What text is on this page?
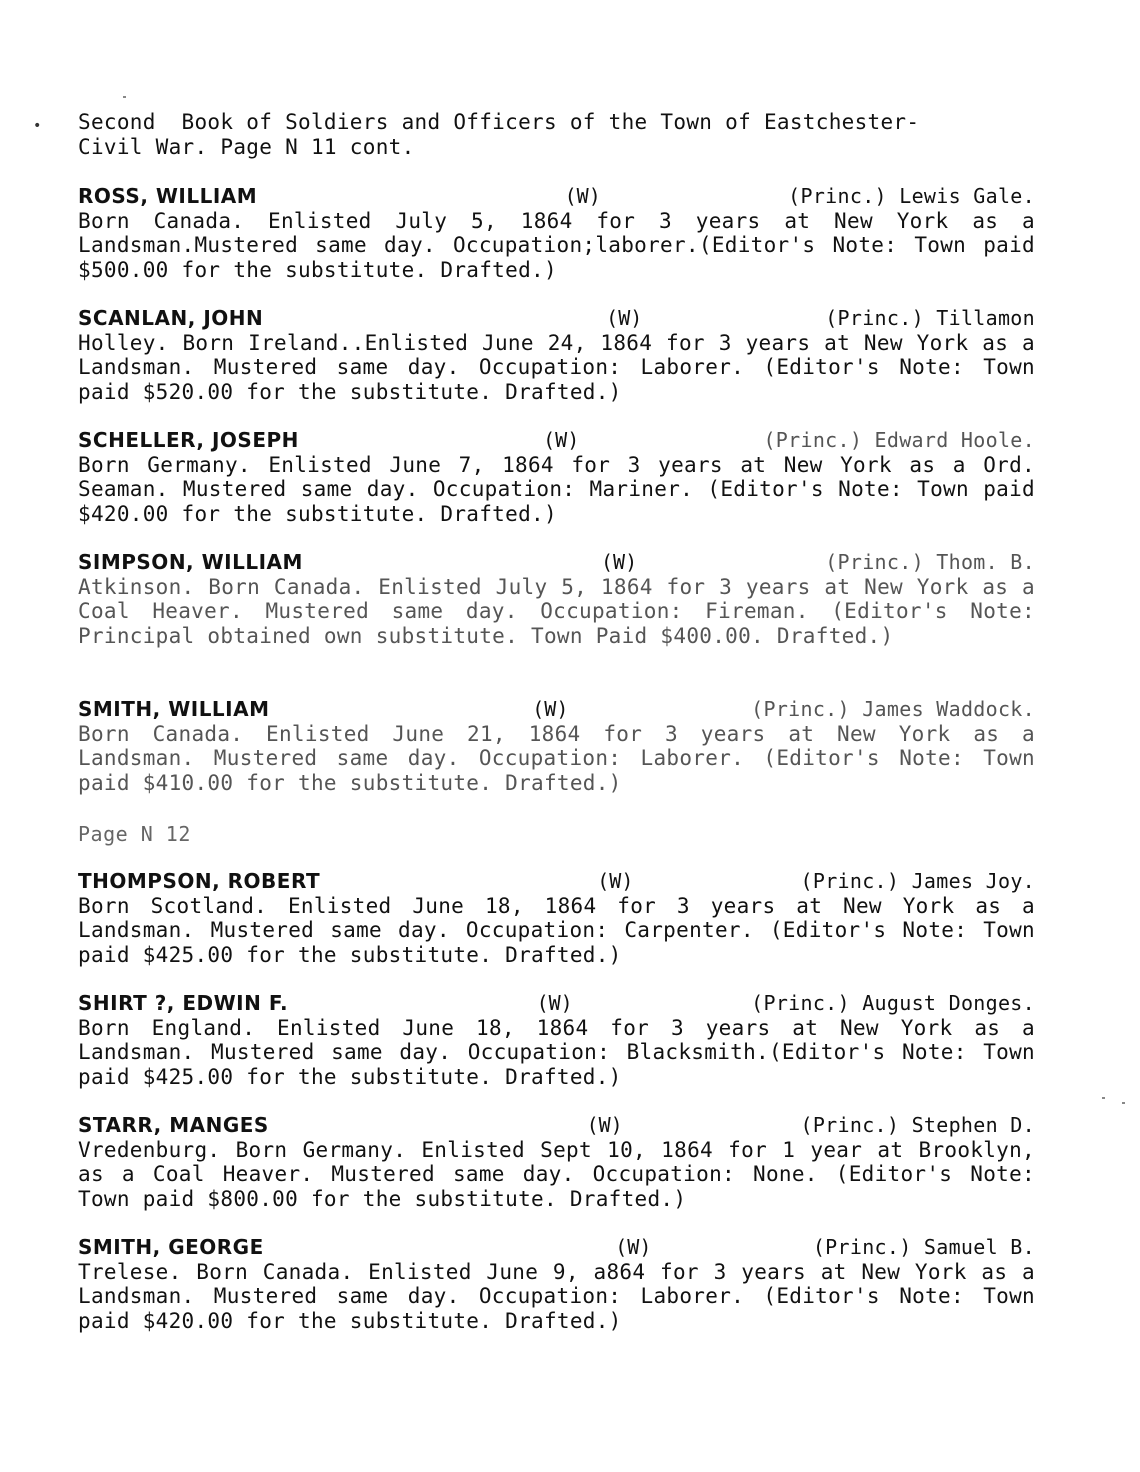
• Second  Book of Soldiers and Officers of the Town of Eastchester-
Civil War. Page N 11 cont.
ROSS, WILLIAM	(W)	(Princ.) Lewis Gale.
Born Canada. Enlisted July 5, 1864 for 3 years at New York as a Landsman.Mustered same day. Occupation;laborer.(Editor's Note: Town paid $500.00 for the substitute. Drafted.)
SCANLAN, JOHN	(W)	(Princ.) Tillamon
Holley. Born Ireland..Enlisted June 24, 1864 for 3 years at New York as a Landsman. Mustered same day. Occupation: Laborer. (Editor's Note: Town paid $520.00 for the substitute. Drafted.)
SCHELLER, JOSEPH	(W)	(Princ.) Edward Hoole.
Born Germany. Enlisted June 7, 1864 for 3 years at New York as a Ord. Seaman. Mustered same day. Occupation: Mariner. (Editor's Note: Town paid $420.00 for the substitute. Drafted.)
SIMPSON, WILLIAM	(W)	(Princ.) Thom. B.
Atkinson. Born Canada. Enlisted July 5, 1864 for 3 years at New York as a Coal Heaver. Mustered same day. Occupation: Fireman. (Editor's Note: Principal obtained own substitute. Town Paid $400.00. Drafted.)
SMITH, WILLIAM	(W)	(Princ.) James Waddock.
Born Canada. Enlisted June 21, 1864 for 3 years at New York as a Landsman. Mustered same day. Occupation: Laborer. (Editor's Note: Town paid $410.00 for the substitute. Drafted.)
Page N 12
THOMPSON, ROBERT	(W)	(Princ.) James Joy.
Born Scotland. Enlisted June 18, 1864 for 3 years at New York as a Landsman. Mustered same day. Occupation: Carpenter. (Editor's Note: Town paid $425.00 for the substitute. Drafted.)
SHIRT ?, EDWIN F.	(W)	(Princ.) August Donges.
Born England. Enlisted June 18, 1864 for 3 years at New York as a Landsman. Mustered same day. Occupation: Blacksmith.(Editor's Note: Town paid $425.00 for the substitute. Drafted.)
STARR, MANGES	(W)	(Princ.) Stephen D.
Vredenburg. Born Germany. Enlisted Sept 10, 1864 for 1 year at Brooklyn, as a Coal Heaver. Mustered same day. Occupation: None. (Editor's Note: Town paid $800.00 for the substitute. Drafted.)
SMITH, GEORGE	(W)	(Princ.) Samuel B.
Trelese. Born Canada. Enlisted June 9, a864 for 3 years at New York as a Landsman. Mustered same day. Occupation: Laborer. (Editor's Note: Town paid $420.00 for the substitute. Drafted.)
